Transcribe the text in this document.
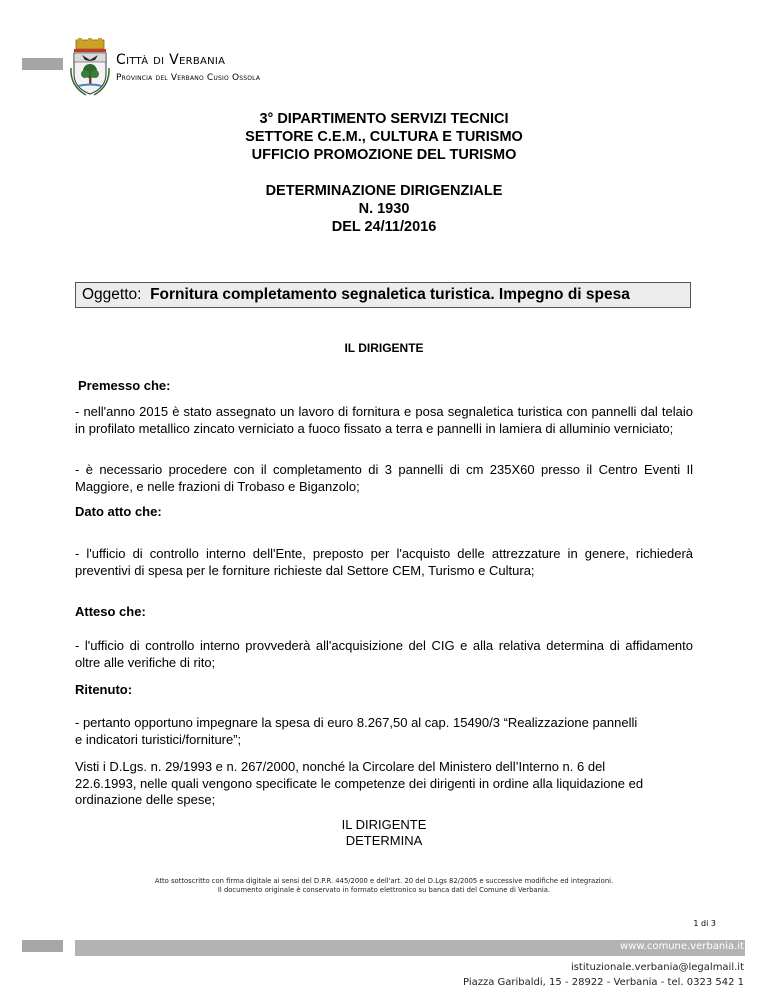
Città di Verbania
Provincia del Verbano Cusio Ossola
3° DIPARTIMENTO SERVIZI TECNICI
SETTORE C.E.M., CULTURA E TURISMO
UFFICIO PROMOZIONE DEL TURISMO
DETERMINAZIONE DIRIGENZIALE
N. 1930
DEL 24/11/2016
Oggetto: Fornitura completamento segnaletica turistica. Impegno di spesa
IL DIRIGENTE
Premesso che:
- nell'anno 2015 è stato assegnato un lavoro di fornitura e posa segnaletica turistica con pannelli dal telaio in profilato metallico zincato verniciato a fuoco fissato a terra e pannelli in lamiera di alluminio verniciato;
- è necessario procedere con il completamento di 3 pannelli di cm 235X60 presso il Centro Eventi Il Maggiore, e nelle frazioni di Trobaso e Biganzolo;
Dato atto che:
- l'ufficio di controllo interno dell'Ente, preposto per l'acquisto delle attrezzature in genere, richiederà preventivi di spesa per le forniture richieste dal Settore CEM, Turismo e Cultura;
Atteso che:
- l'ufficio di controllo interno provvederà all'acquisizione del CIG e alla relativa determina di affidamento oltre alle verifiche di rito;
Ritenuto:
- pertanto opportuno impegnare la spesa di euro 8.267,50 al cap. 15490/3 “Realizzazione pannelli
e indicatori turistici/forniture”;
Visti i D.Lgs. n. 29/1993 e n. 267/2000, nonché la Circolare del Ministero dell’Interno n. 6 del
22.6.1993, nelle quali vengono specificate le competenze dei dirigenti in ordine alla liquidazione ed
ordinazione delle spese;
IL DIRIGENTE
DETERMINA
Atto sottoscritto con firma digitale ai sensi del D.P.R. 445/2000 e dell'art. 20 del D.Lgs 82/2005 e successive modifiche ed integrazioni.
Il documento originale è conservato in formato elettronico su banca dati del Comune di Verbania.
1 di 3
www.comune.verbania.it
istituzionale.verbania@legalmail.it
Piazza Garibaldi, 15 - 28922 - Verbania - tel. 0323 542 1
